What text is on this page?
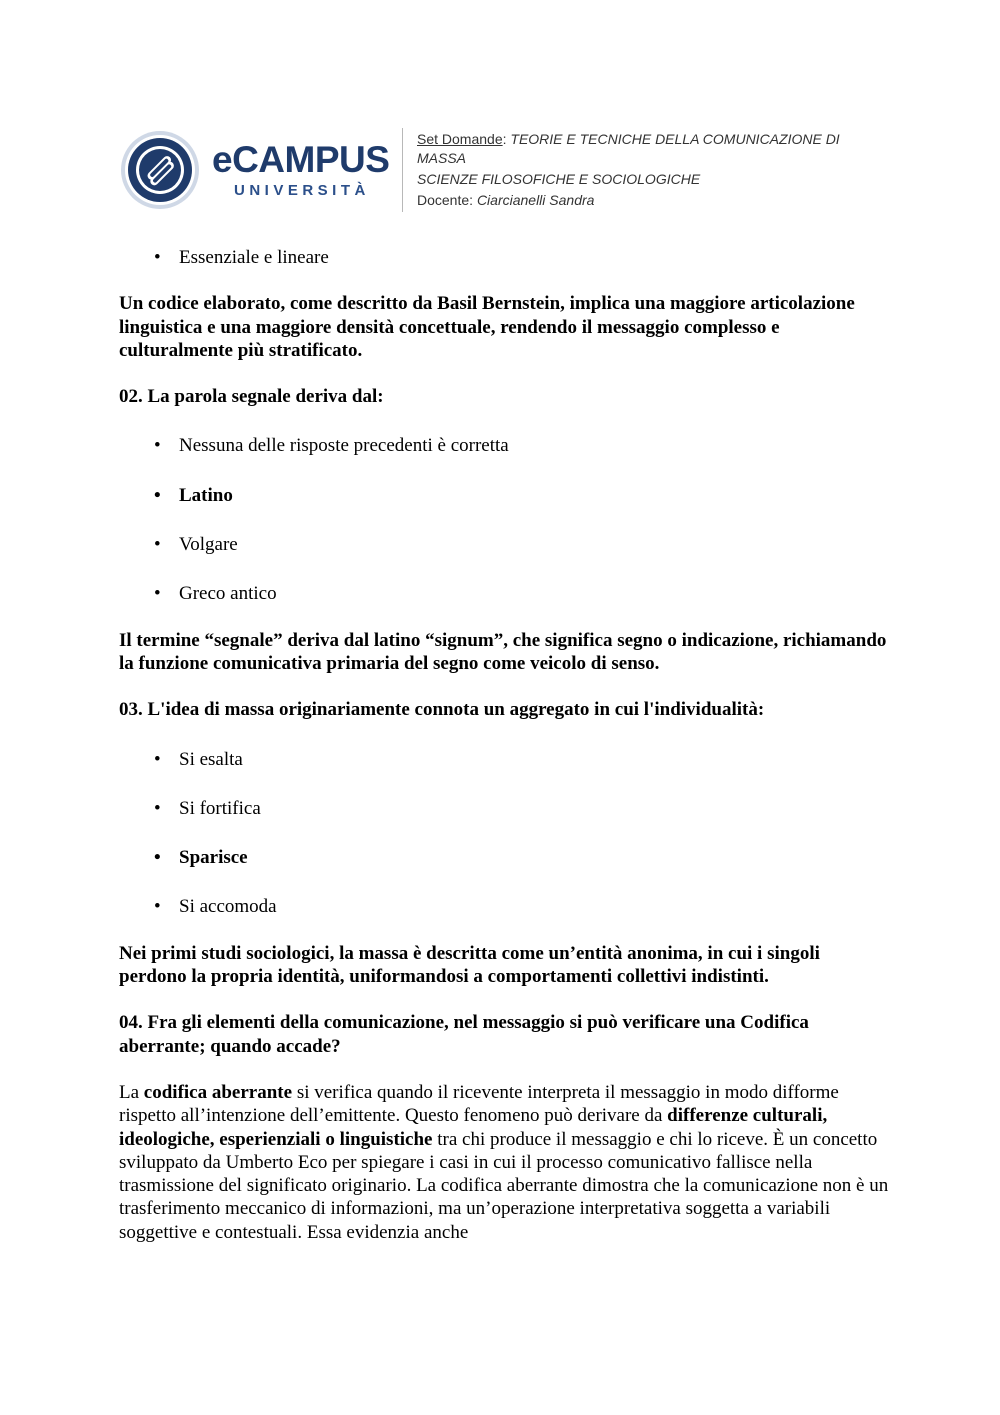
eCAMPUS
UNIVERSITÀ
Set Domande: TEORIE E TECNICHE DELLA COMUNICAZIONE DI MASSA
SCIENZE FILOSOFICHE E SOCIOLOGICHE
Docente: Ciarcianelli Sandra

• Essenziale e lineare

Un codice elaborato, come descritto da Basil Bernstein, implica una maggiore articolazione linguistica e una maggiore densità concettuale, rendendo il messaggio complesso e culturalmente più stratificato.

02. La parola segnale deriva dal:

• Nessuna delle risposte precedenti è corretta

• Latino

• Volgare

• Greco antico

Il termine “segnale” deriva dal latino “signum”, che significa segno o indicazione, richiamando la funzione comunicativa primaria del segno come veicolo di senso.

03. L'idea di massa originariamente connota un aggregato in cui l'individualità:

• Si esalta

• Si fortifica

• Sparisce

• Si accomoda

Nei primi studi sociologici, la massa è descritta come un’entità anonima, in cui i singoli perdono la propria identità, uniformandosi a comportamenti collettivi indistinti.

04. Fra gli elementi della comunicazione, nel messaggio si può verificare una Codifica aberrante; quando accade?

La codifica aberrante si verifica quando il ricevente interpreta il messaggio in modo difforme rispetto all’intenzione dell’emittente. Questo fenomeno può derivare da differenze culturali, ideologiche, esperienziali o linguistiche tra chi produce il messaggio e chi lo riceve. È un concetto sviluppato da Umberto Eco per spiegare i casi in cui il processo comunicativo fallisce nella trasmissione del significato originario. La codifica aberrante dimostra che la comunicazione non è un trasferimento meccanico di informazioni, ma un’operazione interpretativa soggetta a variabili soggettive e contestuali. Essa evidenzia anche
